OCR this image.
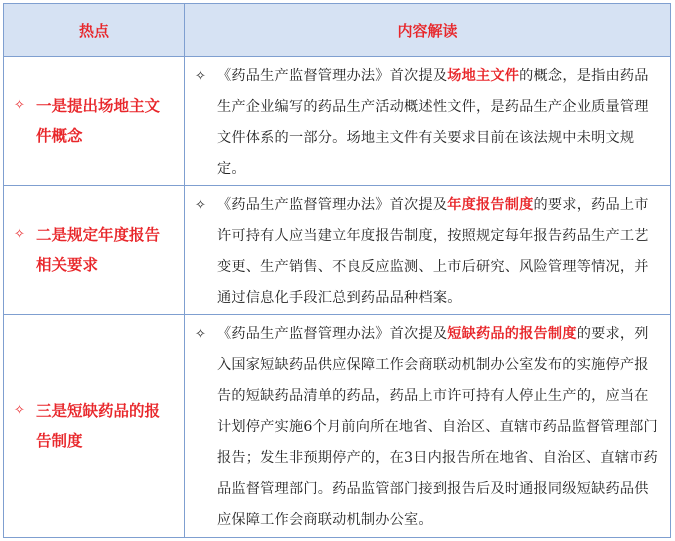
热点	内容解读

✧ 一是提出场地主文件概念	✧ 《药品生产监督管理办法》首次提及场地主文件的概念，是指由药品生产企业编写的药品生产活动概述性文件，是药品生产企业质量管理文件体系的一部分。场地主文件有关要求目前在该法规中未明文规定。

✧ 二是规定年度报告相关要求	✧ 《药品生产监督管理办法》首次提及年度报告制度的要求，药品上市许可持有人应当建立年度报告制度，按照规定每年报告药品生产工艺变更、生产销售、不良反应监测、上市后研究、风险管理等情况，并通过信息化手段汇总到药品品种档案。

✧ 三是短缺药品的报告制度	✧ 《药品生产监督管理办法》首次提及短缺药品的报告制度的要求，列入国家短缺药品供应保障工作会商联动机制办公室发布的实施停产报告的短缺药品清单的药品，药品上市许可持有人停止生产的，应当在计划停产实施6个月前向所在地省、自治区、直辖市药品监督管理部门报告；发生非预期停产的，在3日内报告所在地省、自治区、直辖市药品监督管理部门。药品监管部门接到报告后及时通报同级短缺药品供应保障工作会商联动机制办公室。
